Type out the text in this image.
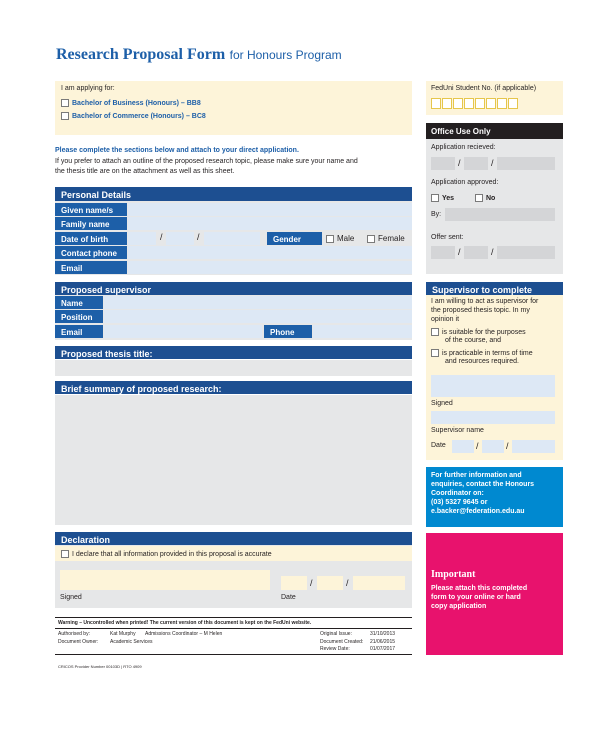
Research Proposal Form for Honours Program
I am applying for:
Bachelor of Business (Honours) – BB8
Bachelor of Commerce (Honours) – BC8
Please complete the sections below and attach to your direct application.
If you prefer to attach an outline of the proposed research topic, please make sure your name and
the thesis title are on the attachment as well as this sheet.
Personal Details
Given name/s
Family name
Date of birth	/	/	Gender	Male	Female
Contact phone
Email
Proposed supervisor
Name
Position
Email	Phone
Proposed thesis title:
Brief summary of proposed research:
Declaration
I declare that all information provided in this proposal is accurate
Signed
/	/
Date
Warning – Uncontrolled when printed! The current version of this document is kept on the FedUni website.
Authorised by:	Kat Murphy Admissions Coordinator – M Helen
Document Owner: Academic Services
Original Issue:	31/10/2013
Document Created: 21/06/2015
Review Date:	01/07/2017
CRICOS Provider Number 00103D | RTO 4909
FedUni Student No. (if applicable)
Office Use Only
Application recieved:
/	/
Application approved:
Yes	No
By:
Offer sent:
/	/
Supervisor to complete
I am willing to act as supervisor for
the proposed thesis topic. In my
opinion it
is suitable for the purposes
of the course, and
is practicable in terms of time
and resources required.
Signed
Supervisor name
Date	/	/
For further information and
enquiries, contact the Honours
Coordinator on:
(03) 5327 9645 or
e.backer@federation.edu.au
Important
Please attach this completed
form to your online or hard
copy application
